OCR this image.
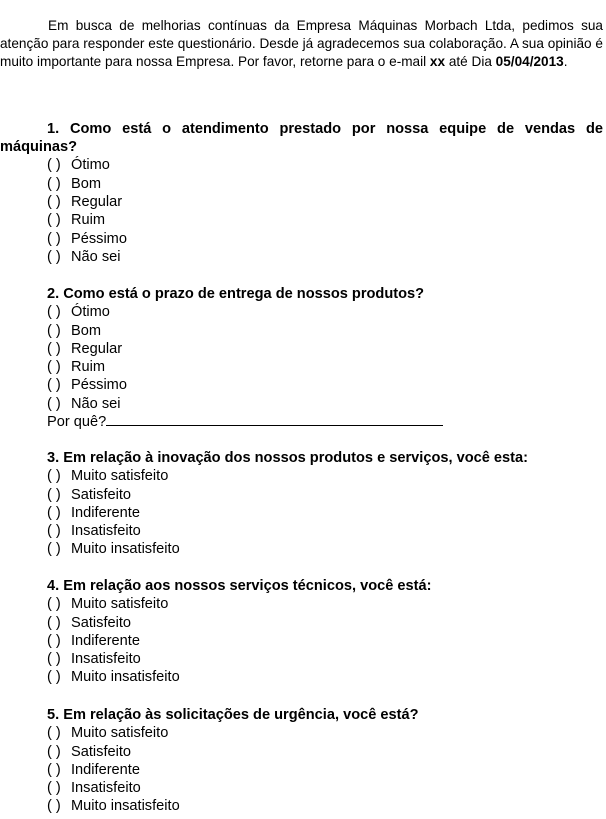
Em busca de melhorias contínuas da Empresa Máquinas Morbach Ltda, pedimos sua atenção para responder este questionário. Desde já agradecemos sua colaboração. A sua opinião é muito importante para nossa Empresa. Por favor, retorne para o e-mail xx até Dia 05/04/2013.

1. Como está o atendimento prestado por nossa equipe de vendas de máquinas?

( ) Ótimo
( ) Bom
( ) Regular
( ) Ruim
( ) Péssimo
( ) Não sei

2. Como está o prazo de entrega de nossos produtos?

( ) Ótimo
( ) Bom
( ) Regular
( ) Ruim
( ) Péssimo
( ) Não sei
Por quê?

3. Em relação à inovação dos nossos produtos e serviços, você esta:

( ) Muito satisfeito
( ) Satisfeito
( ) Indiferente
( ) Insatisfeito
( ) Muito insatisfeito

4. Em relação aos nossos serviços técnicos, você está:

( ) Muito satisfeito
( ) Satisfeito
( ) Indiferente
( ) Insatisfeito
( ) Muito insatisfeito

5. Em relação às solicitações de urgência, você está?

( ) Muito satisfeito
( ) Satisfeito
( ) Indiferente
( ) Insatisfeito
( ) Muito insatisfeito
